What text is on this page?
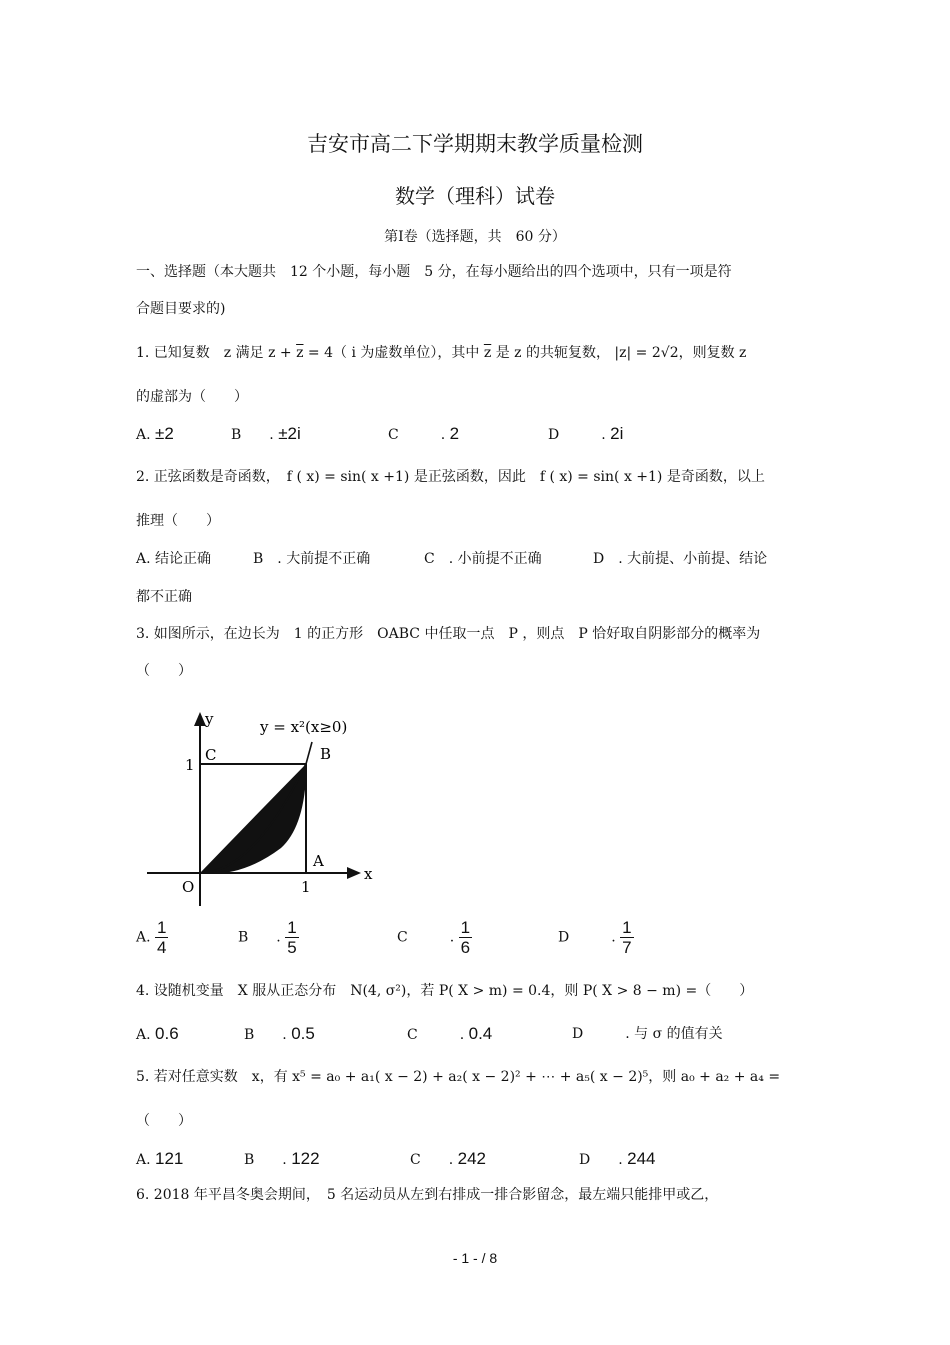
吉安市高二下学期期末教学质量检测
数学（理科）试卷
第Ⅰ卷（选择题，共　60 分）
一、选择题（本大题共　12 个小题，每小题　5 分，在每小题给出的四个选项中，只有一项是符
合题目要求的)
1. 已知复数　z 满足 $z + \overline{z} = 4$（ i 为虚数单位），其中 $\overline{z}$ 是 z 的共轭复数， |z| = 2√2，则复数 z
的虚部为（　　）
A. ±2	B　　. ±2i	C　　　. 2	D　　　. 2i
2. 正弦函数是奇函数，　f ( x) = sin( x +1) 是正弦函数，因此　f ( x) = sin( x +1) 是奇函数，以上
推理（　　）
A. 结论正确	B　. 大前提不正确	C　. 小前提不正确	D　. 大前提、小前提、结论
都不正确
3. 如图所示，在边长为　1 的正方形　OABC 中任取一点　P ，则点　P 恰好取自阴影部分的概率为
（　　）
y = x²(x≥0)
y
x
C	B
A
O
1
1
A. $\frac{1}{4}$	B　　. $\frac{1}{5}$	C　　　. $\frac{1}{6}$	D　　　. $\frac{1}{7}$
4. 设随机变量　X 服从正态分布　N(4, σ²)，若 P( X > m) = 0.4，则 P( X > 8 − m) =（　　）
A. 0.6	B　　. 0.5	C　　　. 0.4	D　　　. 与 σ 的值有关
5. 若对任意实数　x，有 x⁵ = a₀ + a₁( x − 2) + a₂( x − 2)² + ⋯ + a₅( x − 2)⁵，则 a₀ + a₂ + a₄ =
（　　）
A. 121	B　　. 122	C　　. 242	D　　. 244
6. 2018 年平昌冬奥会期间，　5 名运动员从左到右排成一排合影留念，最左端只能排甲或乙，
- 1 - / 8
